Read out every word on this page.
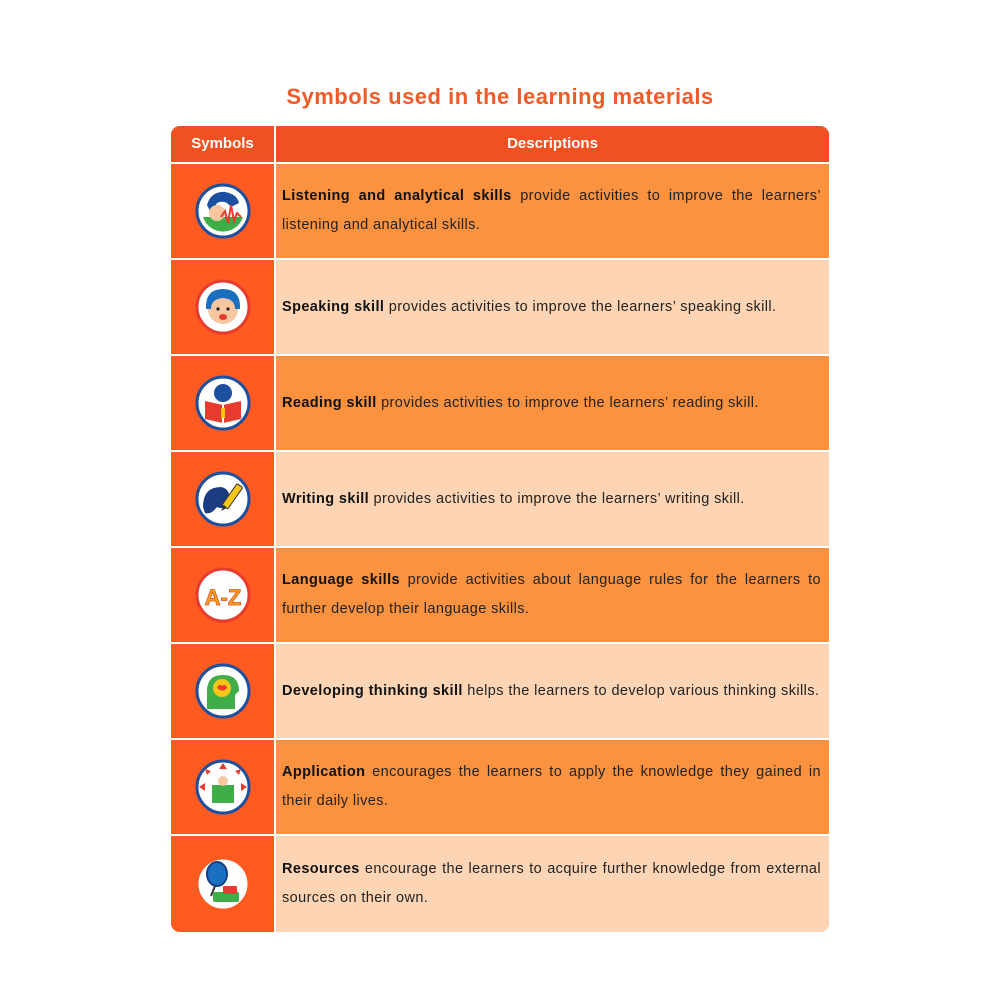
Symbols used in the learning materials
Symbols	Descriptions
Listening and analytical skills provide activities to improve the learners’ listening and analytical skills.
Speaking skill provides activities to improve the learners’ speaking skill.
Reading skill provides activities to improve the learners’ reading skill.
Writing skill provides activities to improve the learners’ writing skill.
A-Z
Language skills provide activities about language rules for the learners to further develop their language skills.
Developing thinking skill helps the learners to develop various thinking skills.
Application encourages the learners to apply the knowledge they gained in their daily lives.
Resources encourage the learners to acquire further knowledge from external sources on their own.
